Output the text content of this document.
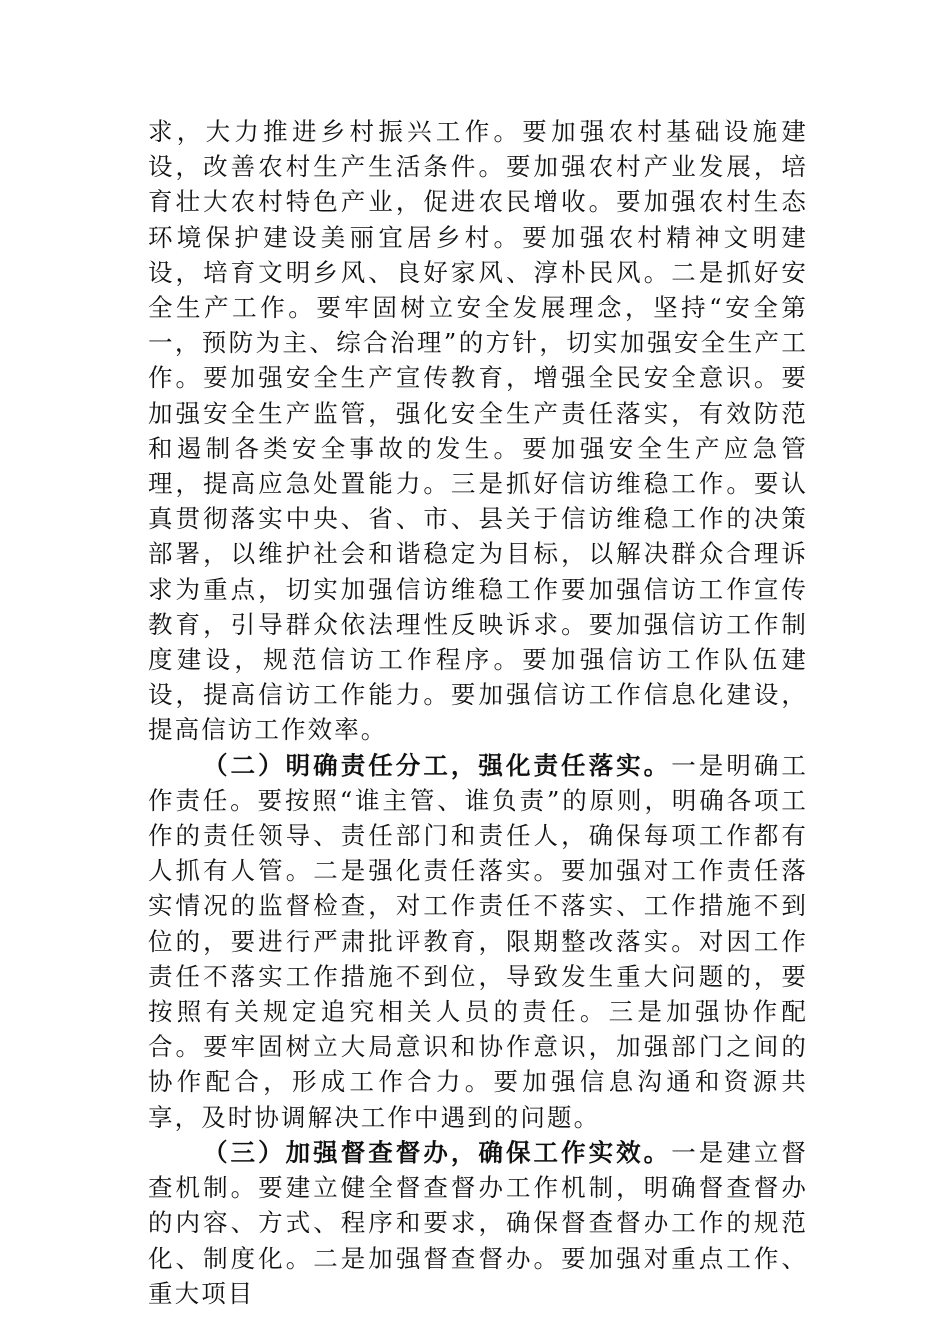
求，大力推进乡村振兴工作。要加强农村基础设施建设，改善农村生产生活条件。要加强农村产业发展，培育壮大农村特色产业，促进农民增收。要加强农村生态环境保护建设美丽宜居乡村。要加强农村精神文明建设，培育文明乡风、良好家风、淳朴民风。二是抓好安全生产工作。要牢固树立安全发展理念，坚持“安全第一，预防为主、综合治理”的方针，切实加强安全生产工作。要加强安全生产宣传教育，增强全民安全意识。要加强安全生产监管，强化安全生产责任落实，有效防范和遏制各类安全事故的发生。要加强安全生产应急管理，提高应急处置能力。三是抓好信访维稳工作。要认真贯彻落实中央、省、市、县关于信访维稳工作的决策部署，以维护社会和谐稳定为目标，以解决群众合理诉求为重点，切实加强信访维稳工作要加强信访工作宣传教育，引导群众依法理性反映诉求。要加强信访工作制度建设，规范信访工作程序。要加强信访工作队伍建设，提高信访工作能力。要加强信访工作信息化建设，提高信访工作效率。

（二）明确责任分工，强化责任落实。一是明确工作责任。要按照“谁主管、谁负责”的原则，明确各项工作的责任领导、责任部门和责任人，确保每项工作都有人抓有人管。二是强化责任落实。要加强对工作责任落实情况的监督检查，对工作责任不落实、工作措施不到位的，要进行严肃批评教育，限期整改落实。对因工作责任不落实工作措施不到位，导致发生重大问题的，要按照有关规定追究相关人员的责任。三是加强协作配合。要牢固树立大局意识和协作意识，加强部门之间的协作配合，形成工作合力。要加强信息沟通和资源共享，及时协调解决工作中遇到的问题。

（三）加强督查督办，确保工作实效。一是建立督查机制。要建立健全督查督办工作机制，明确督查督办的内容、方式、程序和要求，确保督查督办工作的规范化、制度化。二是加强督查督办。要加强对重点工作、重大项目
